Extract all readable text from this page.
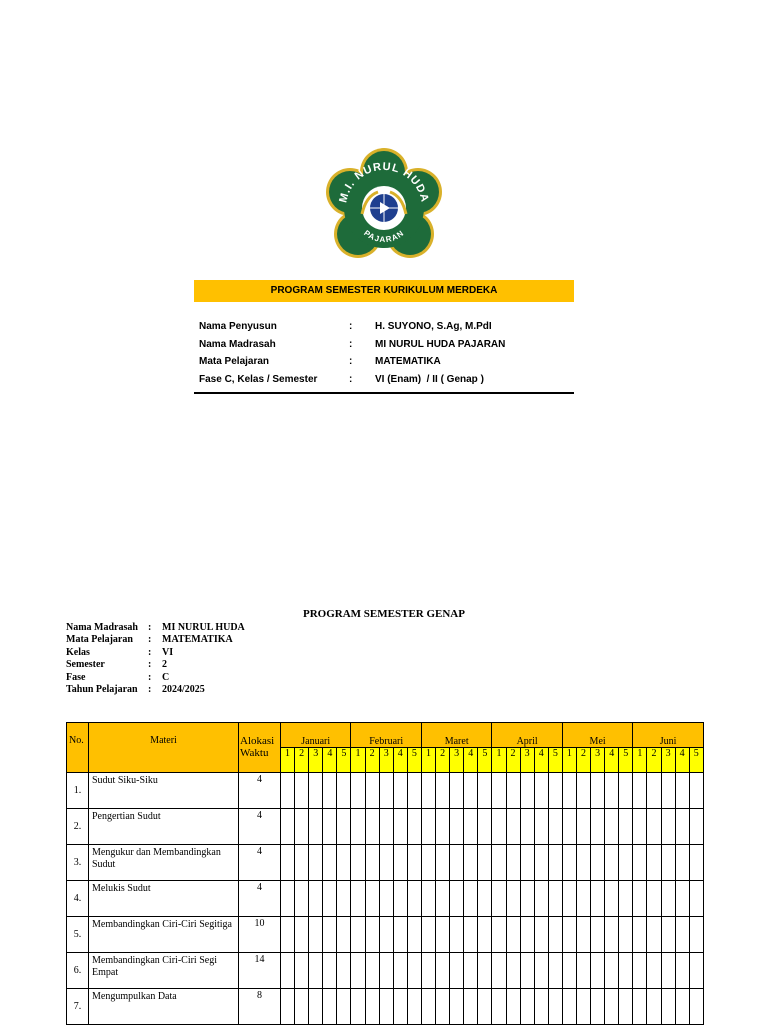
M.I. NURUL HUDA
PAJARAN
PROGRAM SEMESTER KURIKULUM MERDEKA
Nama Penyusun	:	H. SUYONO, S.Ag, M.PdI
Nama Madrasah	:	MI NURUL HUDA PAJARAN
Mata Pelajaran	:	MATEMATIKA
Fase C, Kelas / Semester	:	VI (Enam)  / II ( Genap )
PROGRAM SEMESTER GENAP
Nama Madrasah	:	MI NURUL HUDA
Mata Pelajaran	:	MATEMATIKA
Kelas	:	VI
Semester	:	2
Fase	:	C
Tahun Pelajaran	:	2024/2025
No.	Materi	Alokasi Waktu	Januari					Februari					Maret					April					Mei					Juni				
			1	2	3	4	5	1	2	3	4	5	1	2	3	4	5	1	2	3	4	5	1	2	3	4	5	1	2	3	4	5
1.	Sudut Siku-Siku	4																														
2.	Pengertian Sudut	4																														
3.	Mengukur dan Membandingkan Sudut	4																														
4.	Melukis Sudut	4																														
5.	Membandingkan Ciri-Ciri Segitiga	10																														
6.	Membandingkan Ciri-Ciri Segi Empat	14																														
7.	Mengumpulkan Data	8																														
